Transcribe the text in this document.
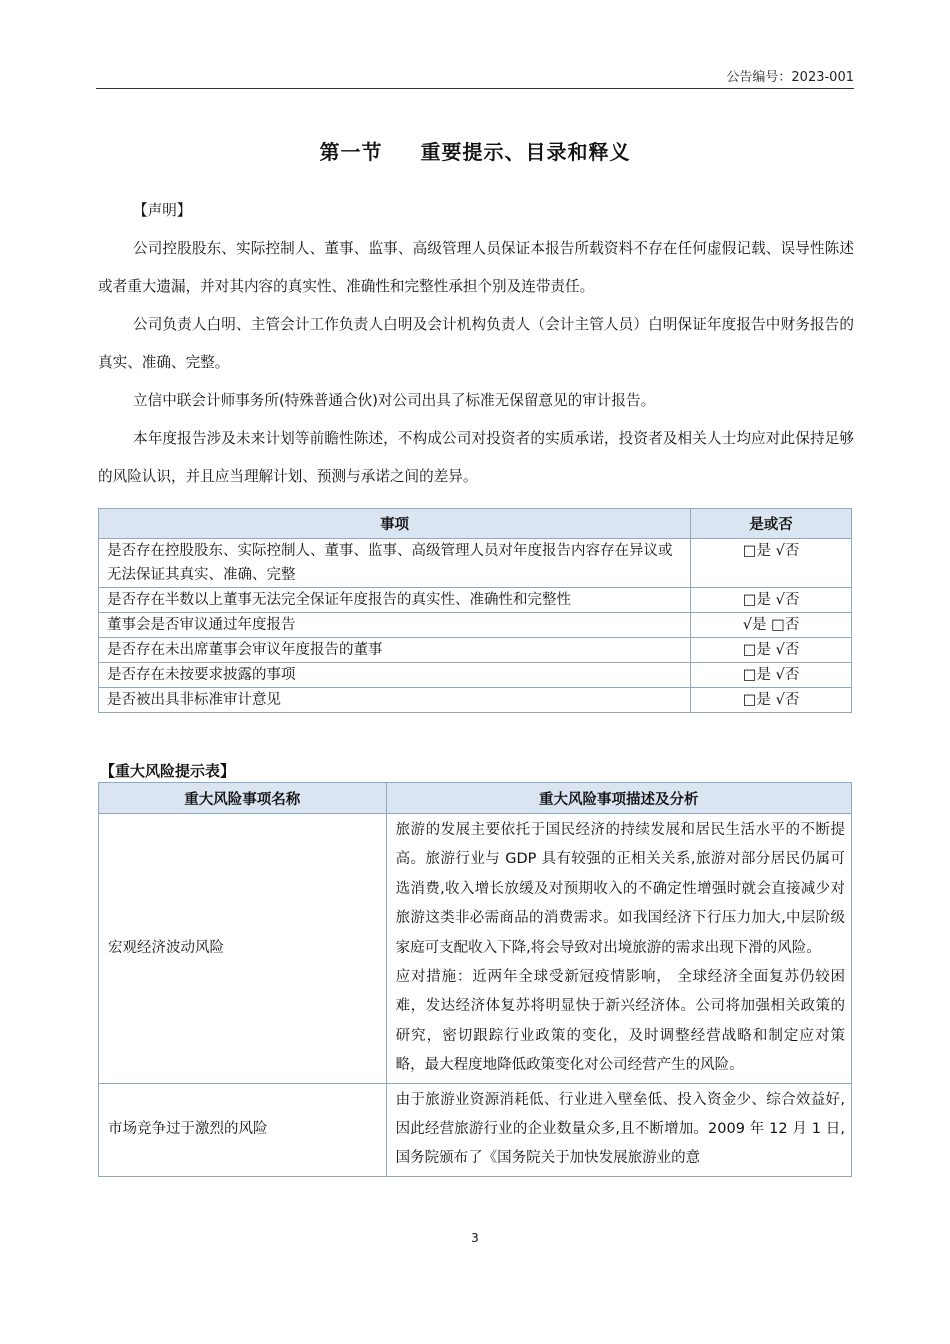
公告编号：2023-001
第一节 重要提示、目录和释义

【声明】

公司控股股东、实际控制人、董事、监事、高级管理人员保证本报告所载资料不存在任何虚假记载、误导性陈述或者重大遗漏，并对其内容的真实性、准确性和完整性承担个别及连带责任。

公司负责人白明、主管会计工作负责人白明及会计机构负责人（会计主管人员）白明保证年度报告中财务报告的真实、准确、完整。

立信中联会计师事务所(特殊普通合伙)对公司出具了标准无保留意见的审计报告。

本年度报告涉及未来计划等前瞻性陈述，不构成公司对投资者的实质承诺，投资者及相关人士均应对此保持足够的风险认识，并且应当理解计划、预测与承诺之间的差异。

事项	是或否
是否存在控股股东、实际控制人、董事、监事、高级管理人员对年度报告内容存在异议或无法保证其真实、准确、完整	□是 √否
是否存在半数以上董事无法完全保证年度报告的真实性、准确性和完整性	□是 √否
董事会是否审议通过年度报告	√是 □否
是否存在未出席董事会审议年度报告的董事	□是 √否
是否存在未按要求披露的事项	□是 √否
是否被出具非标准审计意见	□是 √否
【重大风险提示表】
重大风险事项名称	重大风险事项描述及分析
宏观经济波动风险	旅游的发展主要依托于国民经济的持续发展和居民生活水平的不断提高。旅游行业与 GDP 具有较强的正相关关系,旅游对部分居民仍属可选消费,收入增长放缓及对预期收入的不确定性增强时就会直接减少对旅游这类非必需商品的消费需求。如我国经济下行压力加大,中层阶级家庭可支配收入下降,将会导致对出境旅游的需求出现下滑的风险。
应对措施：近两年全球受新冠疫情影响， 全球经济全面复苏仍较困难，发达经济体复苏将明显快于新兴经济体。公司将加强相关政策的研究，密切跟踪行业政策的变化，及时调整经营战略和制定应对策略，最大程度地降低政策变化对公司经营产生的风险。

市场竞争过于激烈的风险	由于旅游业资源消耗低、行业进入壁垒低、投入资金少、综合效益好,因此经营旅游行业的企业数量众多,且不断增加。2009 年 12 月 1 日,国务院颁布了《国务院关于加快发展旅游业的意
3
